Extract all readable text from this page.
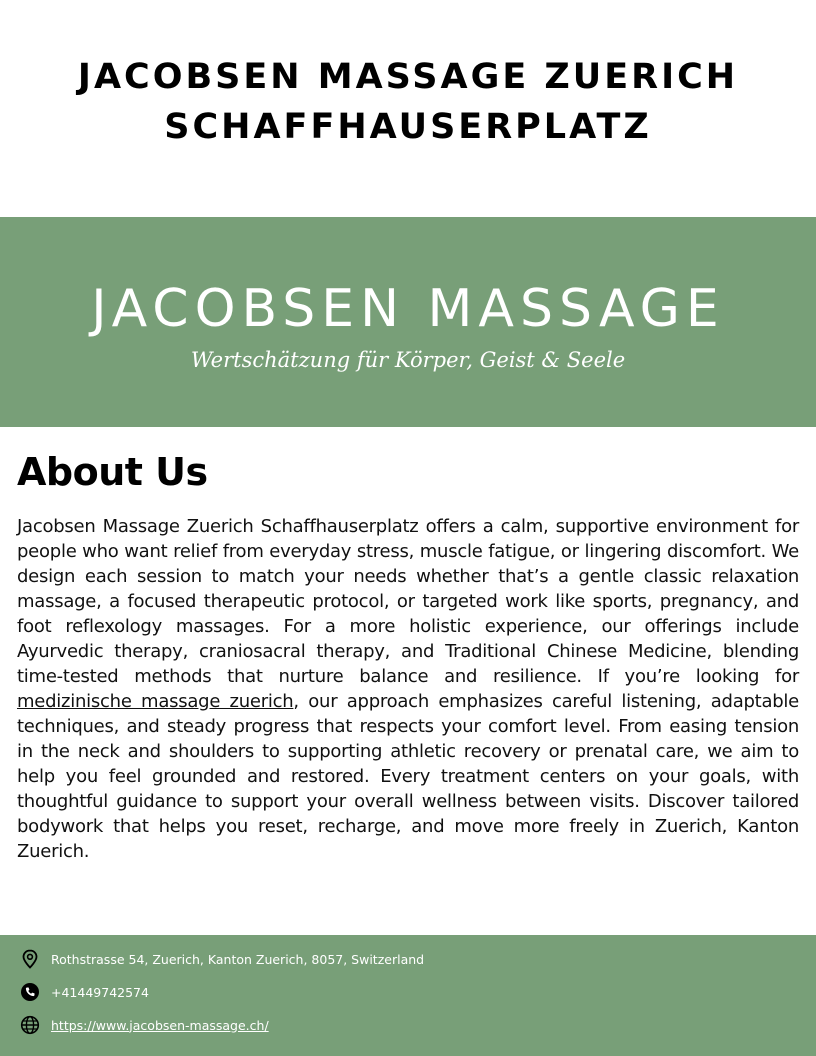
JACOBSEN MASSAGE ZUERICH
SCHAFFHAUSERPLATZ
JACOBSEN MASSAGE
Wertschätzung für Körper, Geist & Seele
About Us

Jacobsen Massage Zuerich Schaffhauserplatz offers a calm, supportive environment for people who want relief from everyday stress, muscle fatigue, or lingering discomfort. We design each session to match your needs whether that’s a gentle classic relaxation massage, a focused therapeutic protocol, or targeted work like sports, pregnancy, and foot reflexology massages. For a more holistic experience, our offerings include Ayurvedic therapy, craniosacral therapy, and Traditional Chinese Medicine, blending time-tested methods that nurture balance and resilience. If you’re looking for medizinische massage zuerich, our approach emphasizes careful listening, adaptable techniques, and steady progress that respects your comfort level. From easing tension in the neck and shoulders to supporting athletic recovery or prenatal care, we aim to help you feel grounded and restored. Every treatment centers on your goals, with thoughtful guidance to support your overall wellness between visits. Discover tailored bodywork that helps you reset, recharge, and move more freely in Zuerich, Kanton Zuerich.

Rothstrasse 54, Zuerich, Kanton Zuerich, 8057, Switzerland
+41449742574
https://www.jacobsen-massage.ch/
